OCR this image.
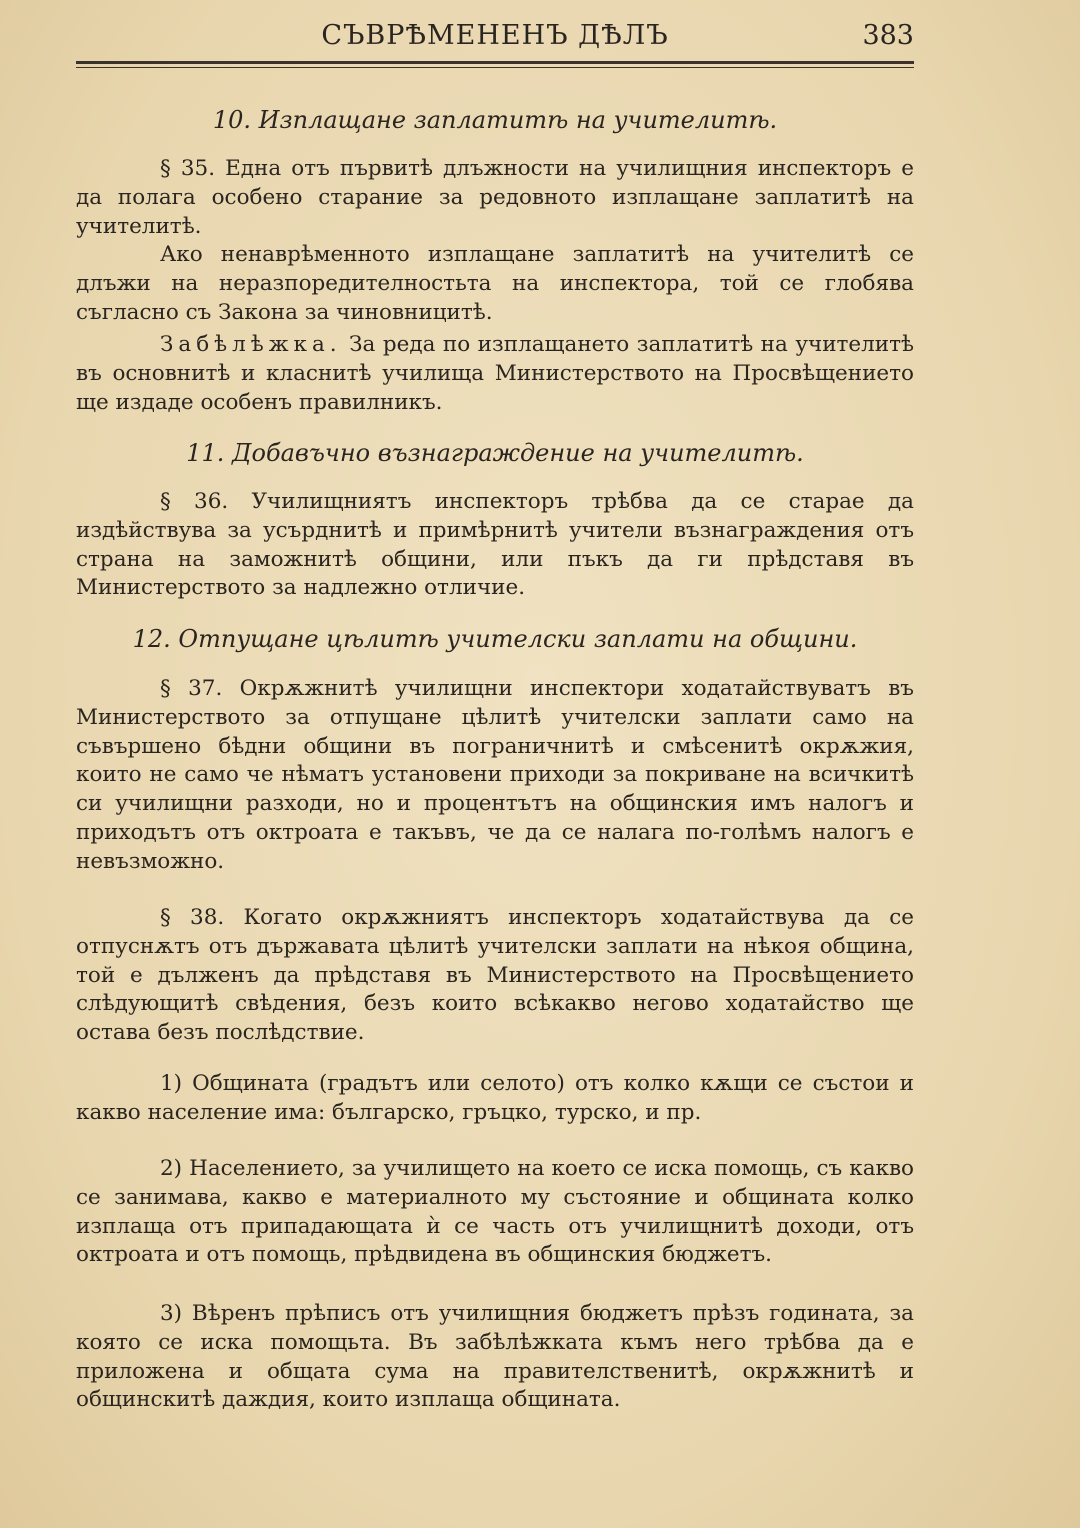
СЪВРѢМЕНЕНЪ ДѢЛЪ	383
10. Изплащане заплатитѣ на учителитѣ.
§ 35. Една отъ първитѣ длъжности на училищния инспекторъ е да полага особено старание за редовното изплащане заплатитѣ на учителитѣ.
Ако ненаврѣменното изплащане заплатитѣ на учителитѣ се длъжи на неразпоредителностьта на инспектора, той се глобява съгласно съ Закона за чиновницитѣ.
Забѣлѣжка. За реда по изплащането заплатитѣ на учителитѣ въ основнитѣ и класнитѣ училища Министерството на Просвѣщението ще издаде особенъ правилникъ.
11. Добавъчно възнагражденuе на учителитѣ.
§ 36. Училищниятъ инспекторъ трѣбва да се старае да издѣйствува за усърднитѣ и примѣрнитѣ учители възнаграждения отъ страна на заможнитѣ общини, или пъкъ да ги прѣдставя въ Министерството за надлежно отличие.
12. Отпущане цѣлитѣ учителски заплати на общини.
§ 37. Окрѫжнитѣ училищни инспектори ходатайствуватъ въ Министерството за отпущане цѣлитѣ учителски заплати само на съвършено бѣдни общини въ пограничнитѣ и смѣсенитѣ окрѫжия, които не само че нѣматъ установени приходи за покриване на всичкитѣ си училищни разходи, но и процентътъ на общинския имъ налогъ и приходътъ отъ октроата е такъвъ, че да се налага по-голѣмъ налогъ е невъзможно.
§ 38. Когато окрѫжниятъ инспекторъ ходатайствува да се отпуснѫтъ отъ държавата цѣлитѣ учителски заплати на нѣкоя община, той е дълженъ да прѣдставя въ Министерството на Просвѣщението слѣдующитѣ свѣдения, безъ които всѣкакво негово ходатайство ще остава безъ послѣдствие.
1) Общината (градътъ или селото) отъ колко кѫщи се състои и какво население има: българско, гръцко, турско, и пр.
2) Населението, за училището на което се иска помощь, съ какво се занимава, какво е материалното му състояние и общината колко изплаща отъ припадающата ѝ се часть отъ училищнитѣ доходи, отъ октроата и отъ помощь, прѣдвидена въ общинския бюджетъ.
3) Вѣренъ прѣписъ отъ училищния бюджетъ прѣзъ годината, за която се иска помощьта. Въ забѣлѣжката къмъ него трѣбва да е приложена и общата сума на правителственитѣ, окрѫжнитѣ и общинскитѣ даждия, които изплаща общината.
